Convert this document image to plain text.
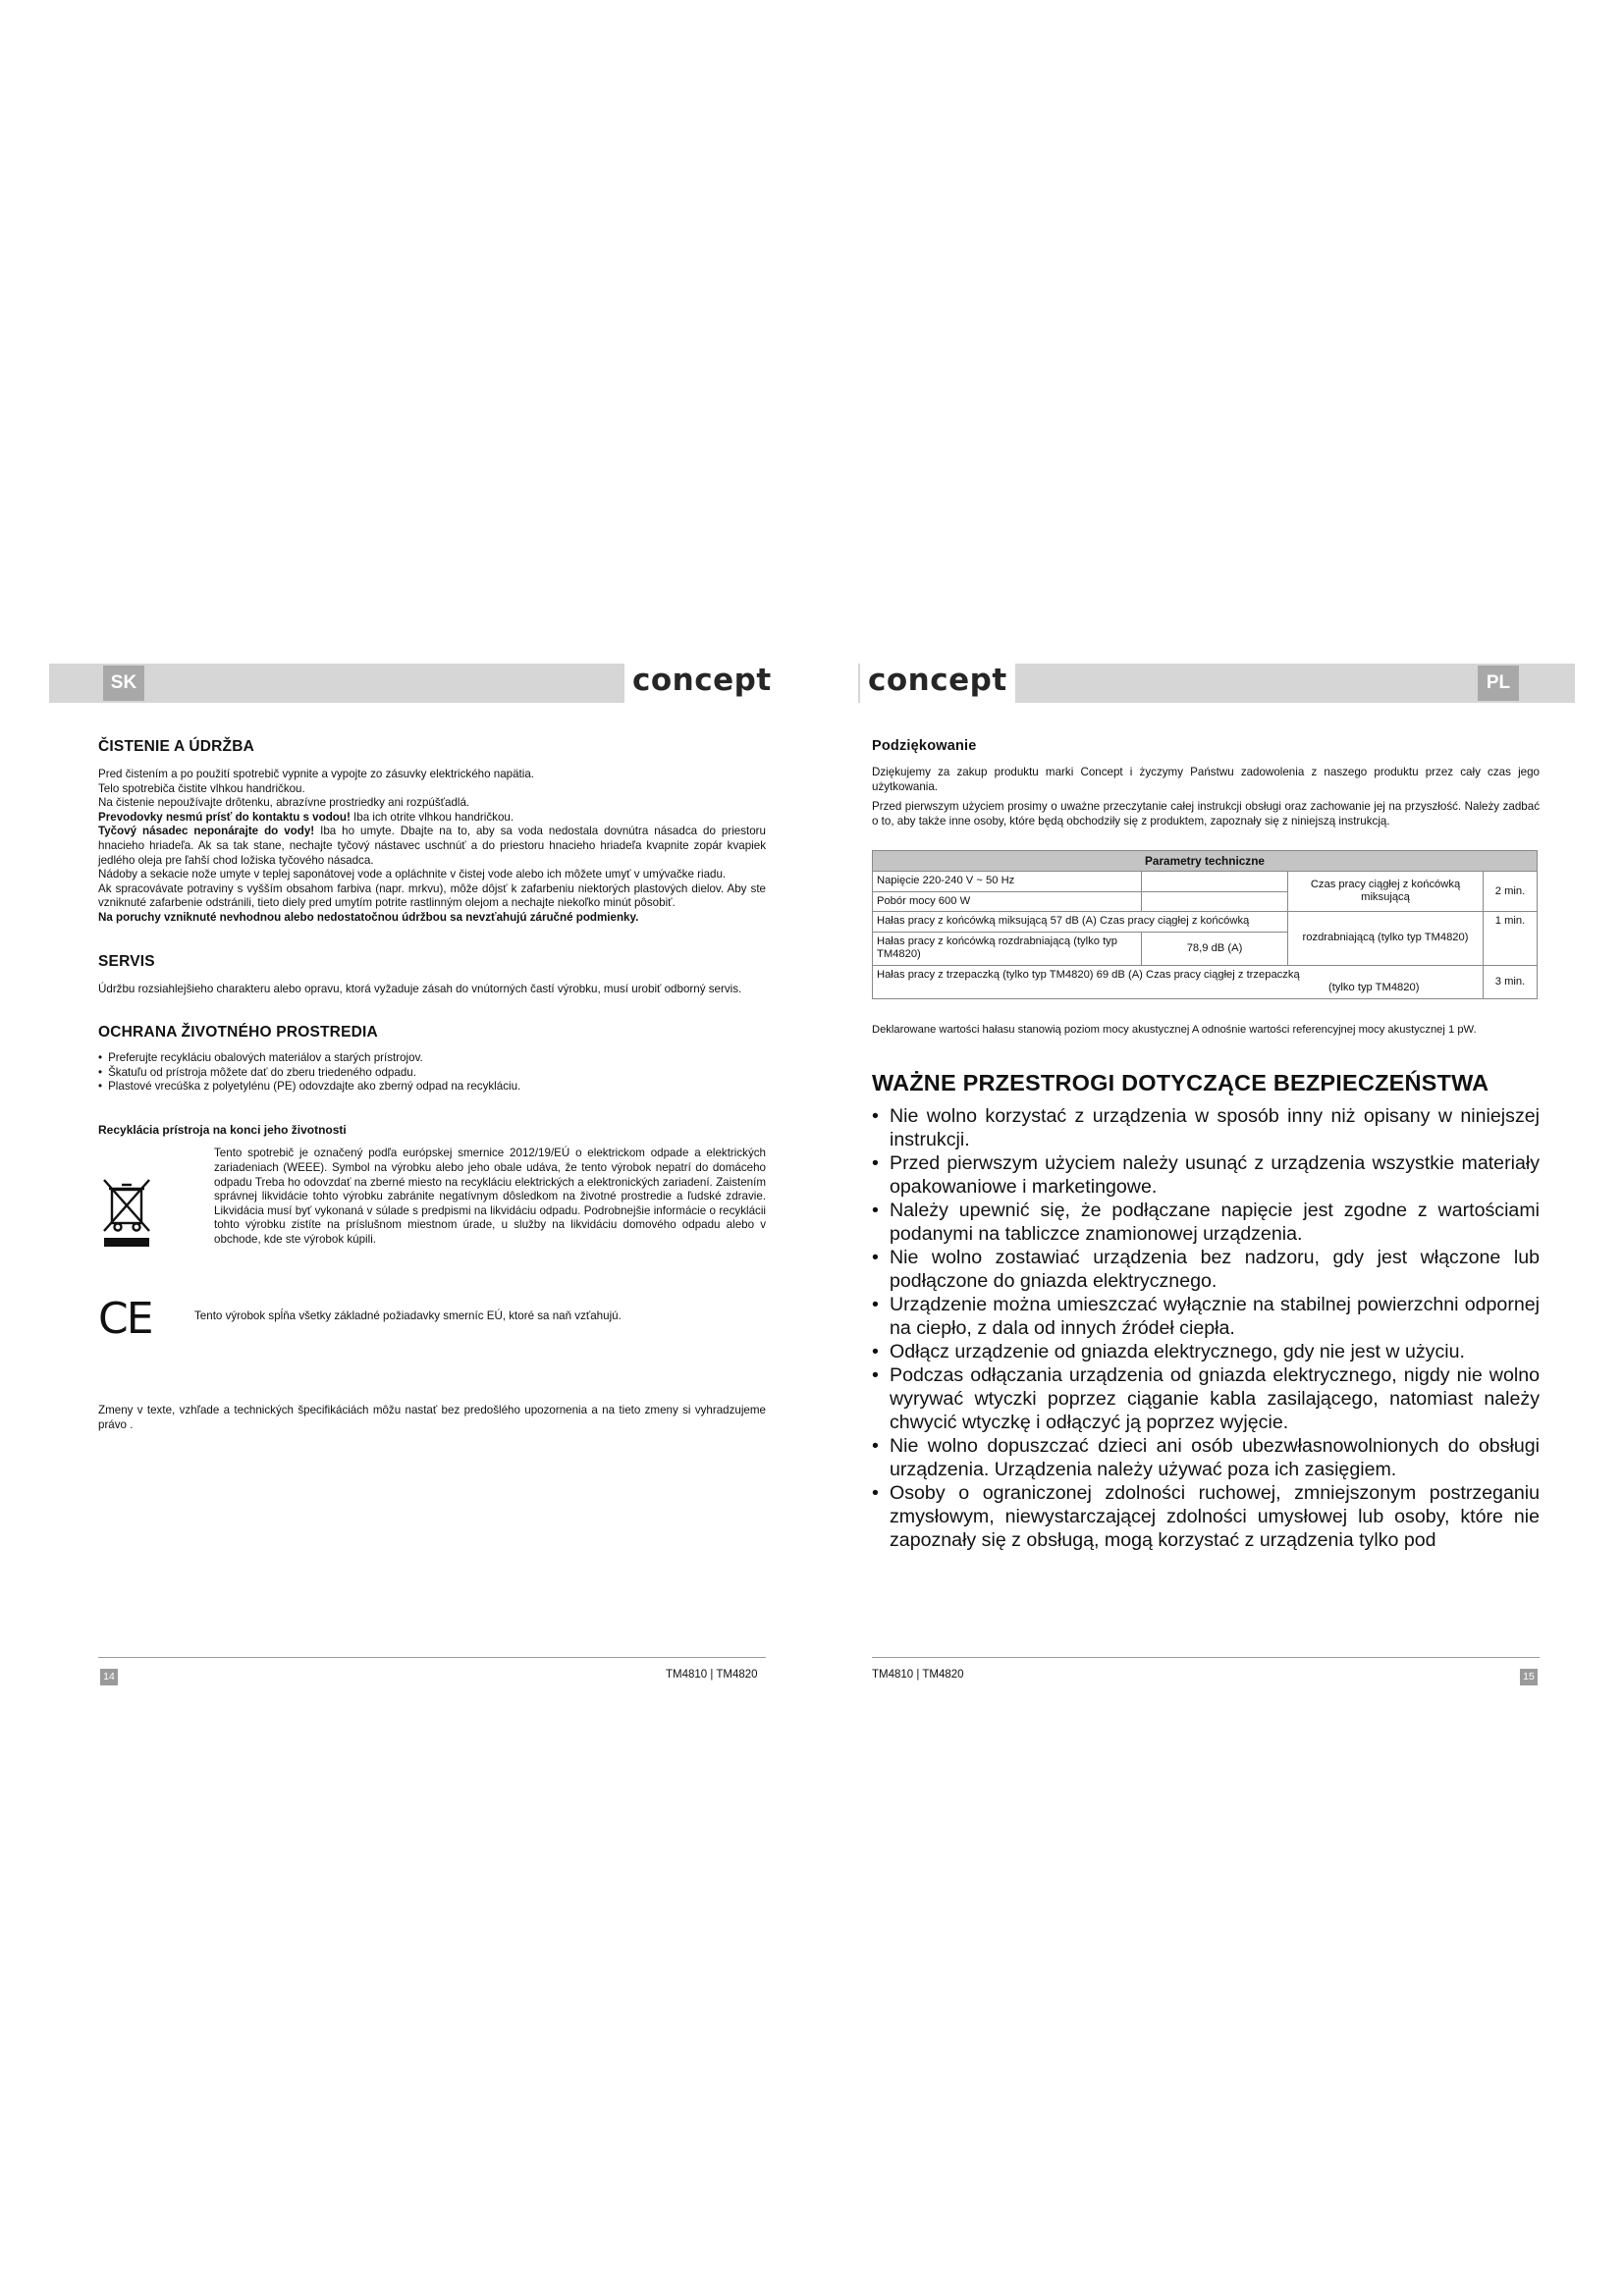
SK	PL
concept	concept
ČISTENIE A ÚDRŽBA
Pred čistením a po použití spotrebič vypnite a vypojte zo zásuvky elektrického napätia.
Telo spotrebiča čistite vlhkou handričkou.
Na čistenie nepoužívajte drôtenku, abrazívne prostriedky ani rozpúšťadlá.
Prevodovky nesmú prísť do kontaktu s vodou! Iba ich otrite vlhkou handričkou.
Tyčový násadec neponárajte do vody! Iba ho umyte. Dbajte na to, aby sa voda nedostala dovnútra násadca do priestoru hnacieho hriadeľa. Ak sa tak stane, nechajte tyčový nástavec uschnúť a do priestoru hnacieho hriadeľa kvapnite zopár kvapiek jedlého oleja pre ľahší chod ložiska tyčového násadca.
Nádoby a sekacie nože umyte v teplej saponátovej vode a opláchnite v čistej vode alebo ich môžete umyť v umývačke riadu.
Ak spracovávate potraviny s vyšším obsahom farbiva (napr. mrkvu), môže dôjsť k zafarbeniu niektorých plastových dielov. Aby ste vzniknuté zafarbenie odstránili, tieto diely pred umytím potrite rastlinným olejom a nechajte niekoľko minút pôsobiť.
Na poruchy vzniknuté nevhodnou alebo nedostatočnou údržbou sa nevzťahujú záručné podmienky.
SERVIS
Údržbu rozsiahlejšieho charakteru alebo opravu, ktorá vyžaduje zásah do vnútorných častí výrobku, musí urobiť odborný servis.
OCHRANA ŽIVOTNÉHO PROSTREDIA
• Preferujte recykláciu obalových materiálov a starých prístrojov.
• Škatuľu od prístroja môžete dať do zberu triedeného odpadu.
• Plastové vrecúška z polyetylénu (PE) odovzdajte ako zberný odpad na recykláciu.
Recyklácia prístroja na konci jeho životnosti
Tento spotrebič je označený podľa európskej smernice 2012/19/EÚ o elektrickom odpade a elektrických zariadeniach (WEEE). Symbol na výrobku alebo jeho obale udáva, že tento výrobok nepatrí do domáceho odpadu Treba ho odovzdať na zberné miesto na recykláciu elektrických a elektronických zariadení. Zaistením správnej likvidácie tohto výrobku zabránite negatívnym dôsledkom na životné prostredie a ľudské zdravie. Likvidácia musí byť vykonaná v súlade s predpismi na likvidáciu odpadu. Podrobnejšie informácie o recyklácii tohto výrobku zistíte na príslušnom miestnom úrade, u služby na likvidáciu domového odpadu alebo v obchode, kde ste výrobok kúpili.
CE	Tento výrobok spĺňa všetky základné požiadavky smerníc EÚ, ktoré sa naň vzťahujú.
Zmeny v texte, vzhľade a technických špecifikáciách môžu nastať bez predošlého upozornenia a na tieto zmeny si vyhradzujeme právo .
14	TM4810 | TM4820
Podziękowanie
Dziękujemy za zakup produktu marki Concept i życzymy Państwu zadowolenia z naszego produktu przez cały czas jego użytkowania.
Przed pierwszym użyciem prosimy o uważne przeczytanie całej instrukcji obsługi oraz zachowanie jej na przyszłość. Należy zadbać o to, aby także inne osoby, które będą obchodziły się z produktem, zapoznały się z niniejszą instrukcją.
Parametry techniczne			
Napięcie 220-240 V ~ 50 Hz		Czas pracy ciągłej z końcówką miksującą	2 min.
Pobór mocy 600 W			
Hałas pracy z końcówką miksującą 57 dB (A) Czas pracy ciągłej z końcówką		rozdrabniającą (tylko typ TM4820)	1 min.
Hałas pracy z końcówką rozdrabniającą (tylko typ TM4820)	78,9 dB (A)		

Hałas pracy z trzepaczką (tylko typ TM4820) 69 dB (A) Czas pracy ciągłej z trzepaczką
(tylko typ TM4820)			3 min.
Deklarowane wartości hałasu stanowią poziom mocy akustycznej A odnośnie wartości referencyjnej mocy akustycznej 1 pW.
WAŻNE PRZESTROGI DOTYCZĄCE BEZPIECZEŃSTWA
• Nie wolno korzystać z urządzenia w sposób inny niż opisany w niniejszej instrukcji.
• Przed pierwszym użyciem należy usunąć z urządzenia wszystkie materiały opakowaniowe i marketingowe.
• Należy upewnić się, że podłączane napięcie jest zgodne z wartościami podanymi na tabliczce znamionowej urządzenia.
• Nie wolno zostawiać urządzenia bez nadzoru, gdy jest włączone lub podłączone do gniazda elektrycznego.
• Urządzenie można umieszczać wyłącznie na stabilnej powierzchni odpornej na ciepło, z dala od innych źródeł ciepła.
• Odłącz urządzenie od gniazda elektrycznego, gdy nie jest w użyciu.
• Podczas odłączania urządzenia od gniazda elektrycznego, nigdy nie wolno wyrywać wtyczki poprzez ciąganie kabla zasilającego, natomiast należy chwycić wtyczkę i odłączyć ją poprzez wyjęcie.
• Nie wolno dopuszczać dzieci ani osób ubezwłasnowolnionych do obsługi urządzenia. Urządzenia należy używać poza ich zasięgiem.
• Osoby o ograniczonej zdolności ruchowej, zmniejszonym postrzeganiu zmysłowym, niewystarczającej zdolności umysłowej lub osoby, które nie zapoznały się z obsługą, mogą korzystać z urządzenia tylko pod
TM4810 | TM4820	15
